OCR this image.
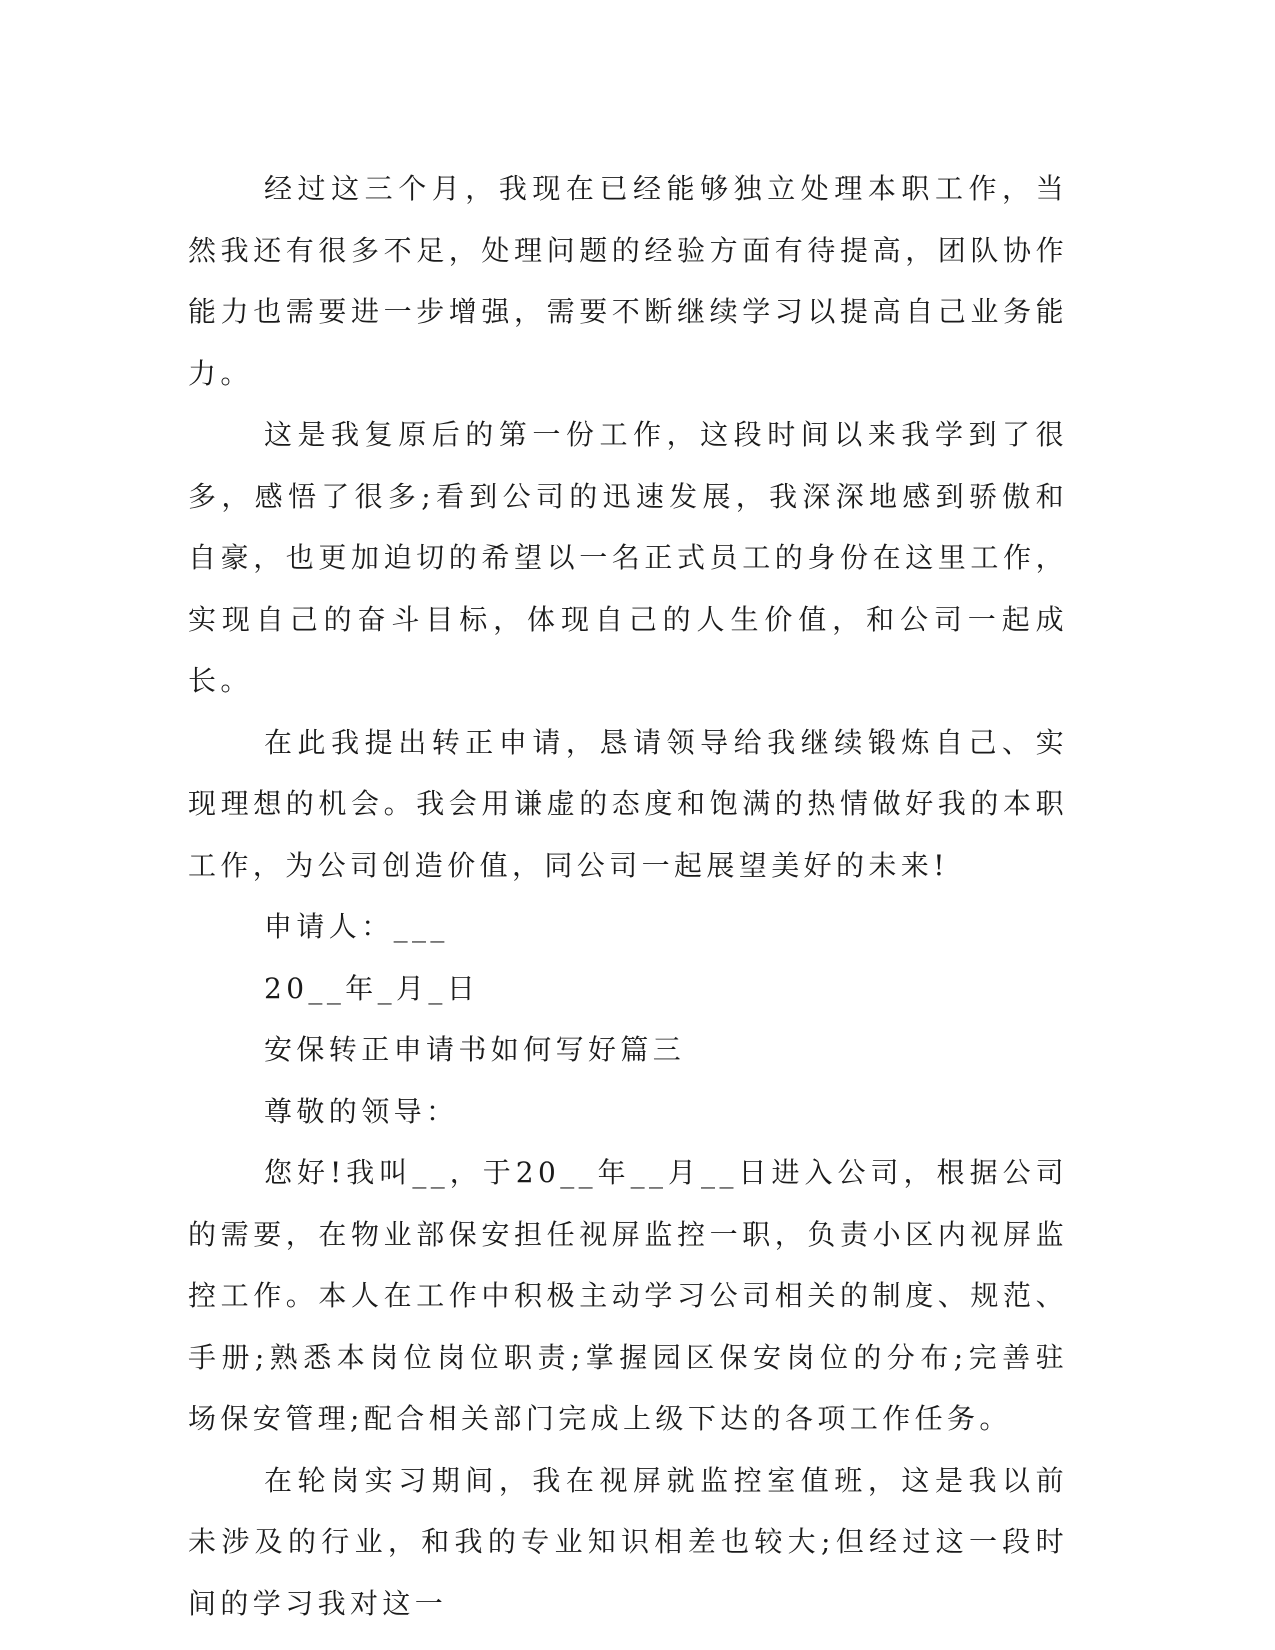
经过这三个月，我现在已经能够独立处理本职工作，当然我还有很多不足，处理问题的经验方面有待提高，团队协作能力也需要进一步增强，需要不断继续学习以提高自己业务能力。

这是我复原后的第一份工作，这段时间以来我学到了很多，感悟了很多;看到公司的迅速发展，我深深地感到骄傲和自豪，也更加迫切的希望以一名正式员工的身份在这里工作，实现自己的奋斗目标，体现自己的人生价值，和公司一起成长。

在此我提出转正申请，恳请领导给我继续锻炼自己、实现理想的机会。我会用谦虚的态度和饱满的热情做好我的本职工作，为公司创造价值，同公司一起展望美好的未来!

申请人：___

20__年_月_日

安保转正申请书如何写好篇三

尊敬的领导：

您好!我叫__，于20__年__月__日进入公司，根据公司的需要，在物业部保安担任视屏监控一职，负责小区内视屏监控工作。本人在工作中积极主动学习公司相关的制度、规范、手册;熟悉本岗位岗位职责;掌握园区保安岗位的分布;完善驻场保安管理;配合相关部门完成上级下达的各项工作任务。

在轮岗实习期间，我在视屏就监控室值班，这是我以前未涉及的行业，和我的专业知识相差也较大;但经过这一段时间的学习我对这一
